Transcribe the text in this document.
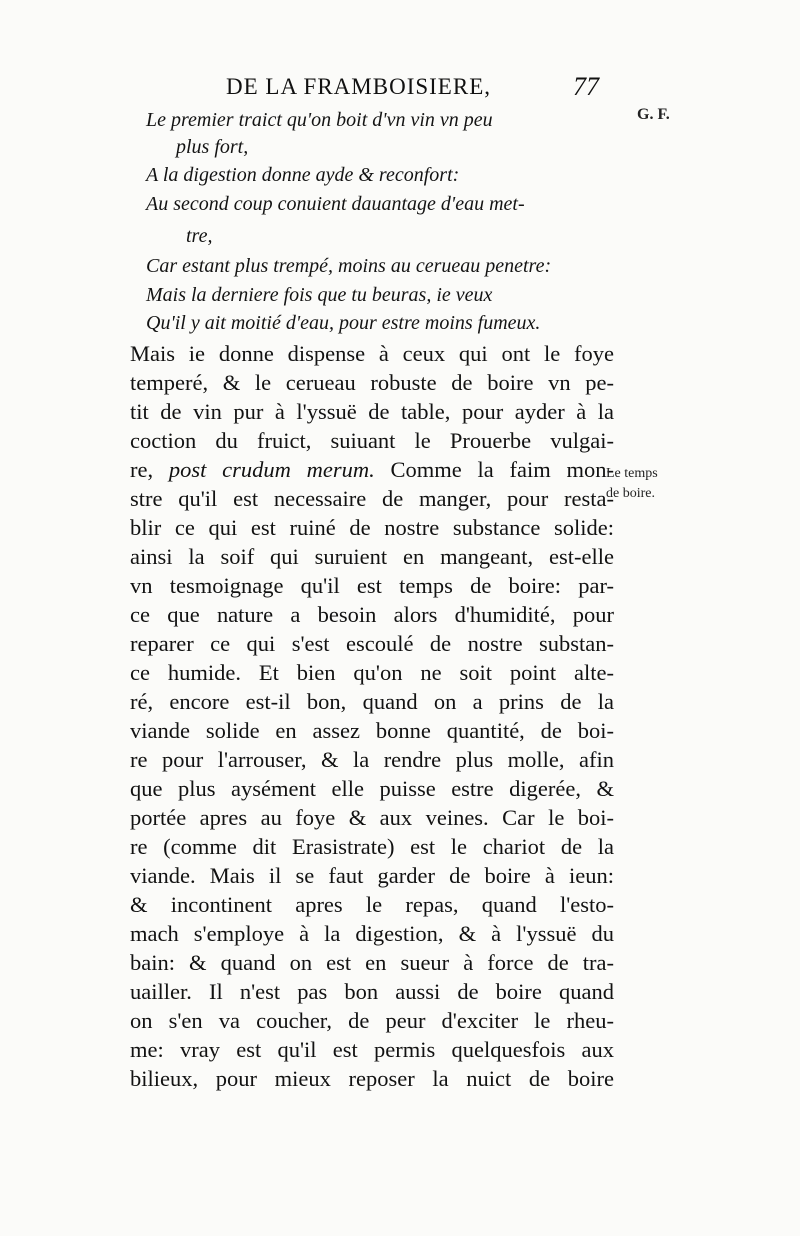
DE LA FRAMBOISIERE,	77
G. F.
Le premier traict qu'on boit d'vn vin vn peu
plus fort,
A la digestion donne ayde & reconfort:
Au second coup conuient dauantage d'eau met-
tre,
Car estant plus trempé, moins au cerueau penetre:
Mais la derniere fois que tu beuras, ie veux
Qu'il y ait moitié d'eau, pour estre moins fumeux.
Mais ie donne dispense à ceux qui ont le foye
temperé, & le cerueau robuste de boire vn pe-
tit de vin pur à l'yssuë de table, pour ayder à la
coction du fruict, suiuant le Prouerbe vulgai-
re, post crudum merum. Comme la faim mon-
stre qu'il est necessaire de manger, pour resta-
blir ce qui est ruiné de nostre substance solide:
ainsi la soif qui suruient en mangeant, est-elle
vn tesmoignage qu'il est temps de boire: par-
ce que nature a besoin alors d'humidité, pour
reparer ce qui s'est escoulé de nostre substan-
ce humide. Et bien qu'on ne soit point alte-
ré, encore est-il bon, quand on a prins de la
viande solide en assez bonne quantité, de boi-
re pour l'arrouser, & la rendre plus molle, afin
que plus aysément elle puisse estre digerée, &
portée apres au foye & aux veines. Car le boi-
re (comme dit Erasistrate) est le chariot de la
viande. Mais il se faut garder de boire à ieun:
& incontinent apres le repas, quand l'esto-
mach s'employe à la digestion, & à l'yssuë du
bain: & quand on est en sueur à force de tra-
uailler. Il n'est pas bon aussi de boire quand
on s'en va coucher, de peur d'exciter le rheu-
me: vray est qu'il est permis quelquesfois aux
bilieux, pour mieux reposer la nuict de boire
Le temps
de boire.
